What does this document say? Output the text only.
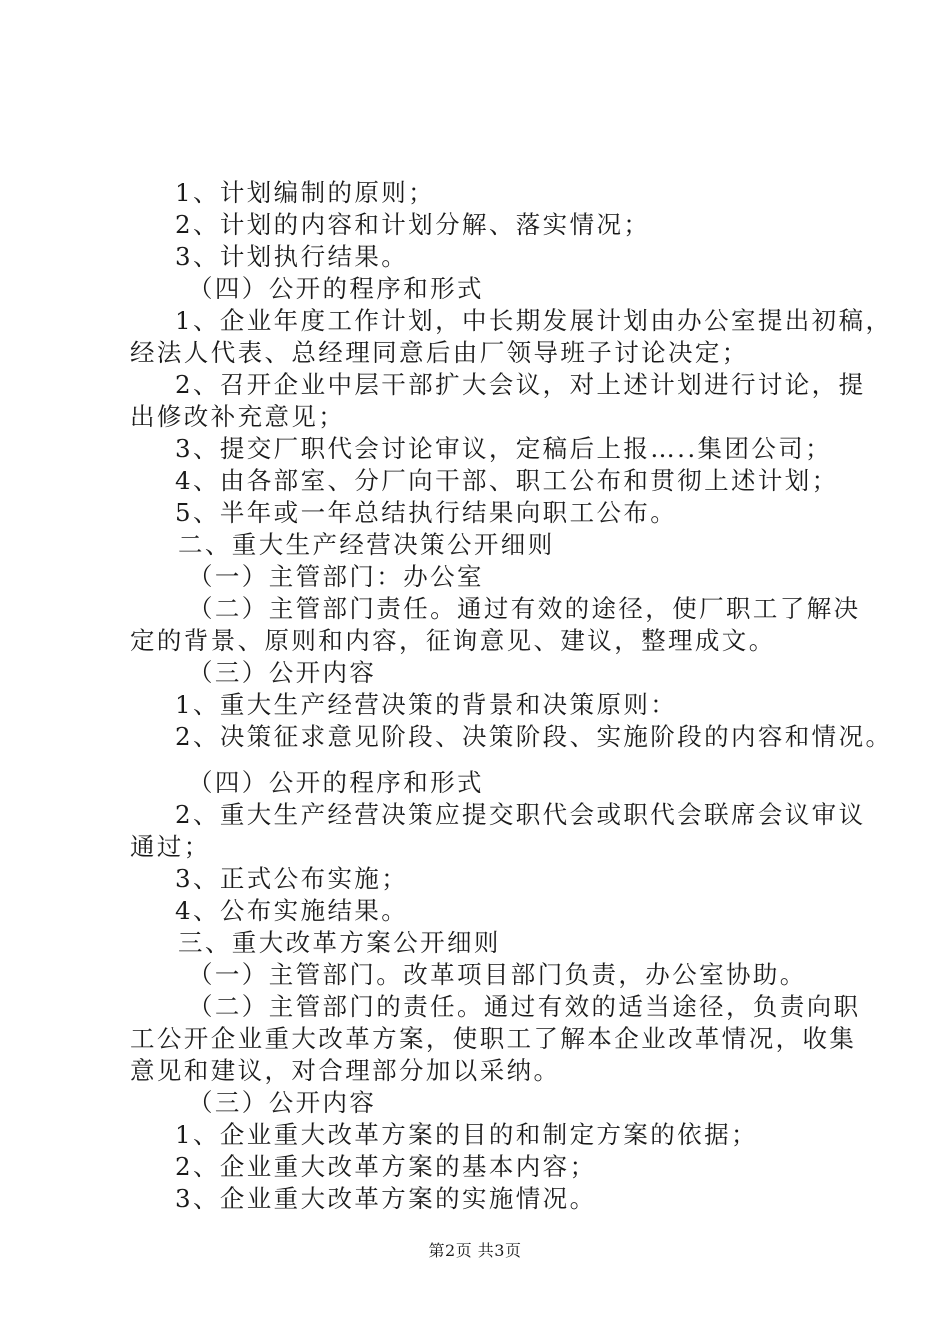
1、计划编制的原则；
2、计划的内容和计划分解、落实情况；
3、计划执行结果。
（四）公开的程序和形式
1、企业年度工作计划，中长期发展计划由办公室提出初稿，
经法人代表、总经理同意后由厂领导班子讨论决定；
2、召开企业中层干部扩大会议，对上述计划进行讨论，提
出修改补充意见；
3、提交厂职代会讨论审议，定稿后上报…..集团公司；
4、由各部室、分厂向干部、职工公布和贯彻上述计划；
5、半年或一年总结执行结果向职工公布。
二、重大生产经营决策公开细则
（一）主管部门：办公室
（二）主管部门责任。通过有效的途径，使厂职工了解决
定的背景、原则和内容，征询意见、建议，整理成文。
（三）公开内容
1、重大生产经营决策的背景和决策原则：
2、决策征求意见阶段、决策阶段、实施阶段的内容和情况。
（四）公开的程序和形式
2、重大生产经营决策应提交职代会或职代会联席会议审议
通过；
3、正式公布实施；
4、公布实施结果。
三、重大改革方案公开细则
（一）主管部门。改革项目部门负责，办公室协助。
（二）主管部门的责任。通过有效的适当途径，负责向职
工公开企业重大改革方案，使职工了解本企业改革情况，收集
意见和建议，对合理部分加以采纳。
（三）公开内容
1、企业重大改革方案的目的和制定方案的依据；
2、企业重大改革方案的基本内容；
3、企业重大改革方案的实施情况。
第2页 共3页
